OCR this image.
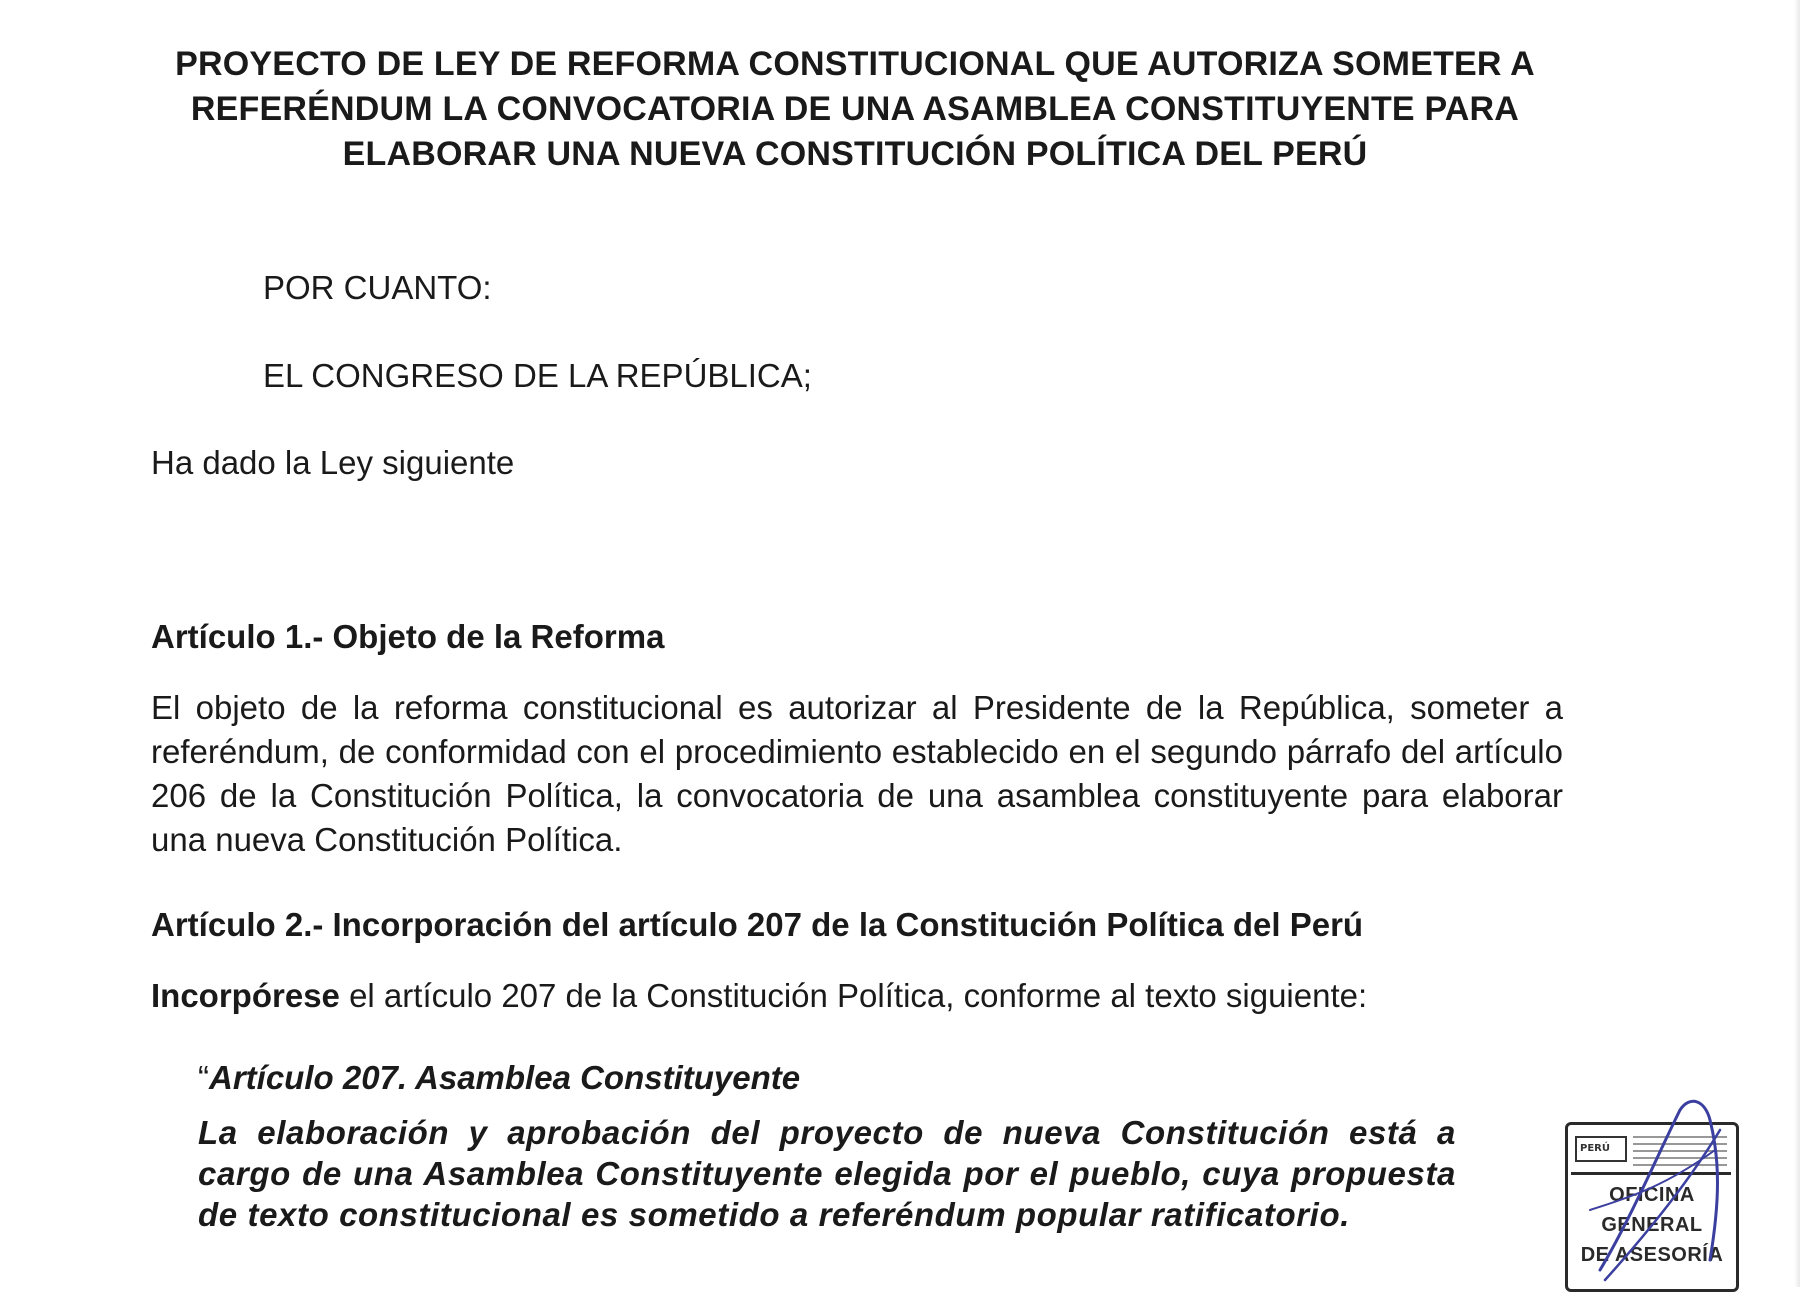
PROYECTO DE LEY DE REFORMA CONSTITUCIONAL QUE AUTORIZA SOMETER A
REFERÉNDUM LA CONVOCATORIA DE UNA ASAMBLEA CONSTITUYENTE PARA
ELABORAR UNA NUEVA CONSTITUCIÓN POLÍTICA DEL PERÚ
POR CUANTO:
EL CONGRESO DE LA REPÚBLICA;
Ha dado la Ley siguiente
Artículo 1.- Objeto de la Reforma
El objeto de la reforma constitucional es autorizar al Presidente de la República, someter a referéndum, de conformidad con el procedimiento establecido en el segundo párrafo del artículo 206 de la Constitución Política, la convocatoria de una asamblea constituyente para elaborar una nueva Constitución Política.
Artículo 2.- Incorporación del artículo 207 de la Constitución Política del Perú
Incorpórese el artículo 207 de la Constitución Política, conforme al texto siguiente:
“Artículo 207. Asamblea Constituyente
La elaboración y aprobación del proyecto de nueva Constitución está a cargo de una Asamblea Constituyente elegida por el pueblo, cuya propuesta de texto constitucional es sometido a referéndum popular ratificatorio.
PERÚ
OFICINA
GENERAL
DE ASESORÍA
